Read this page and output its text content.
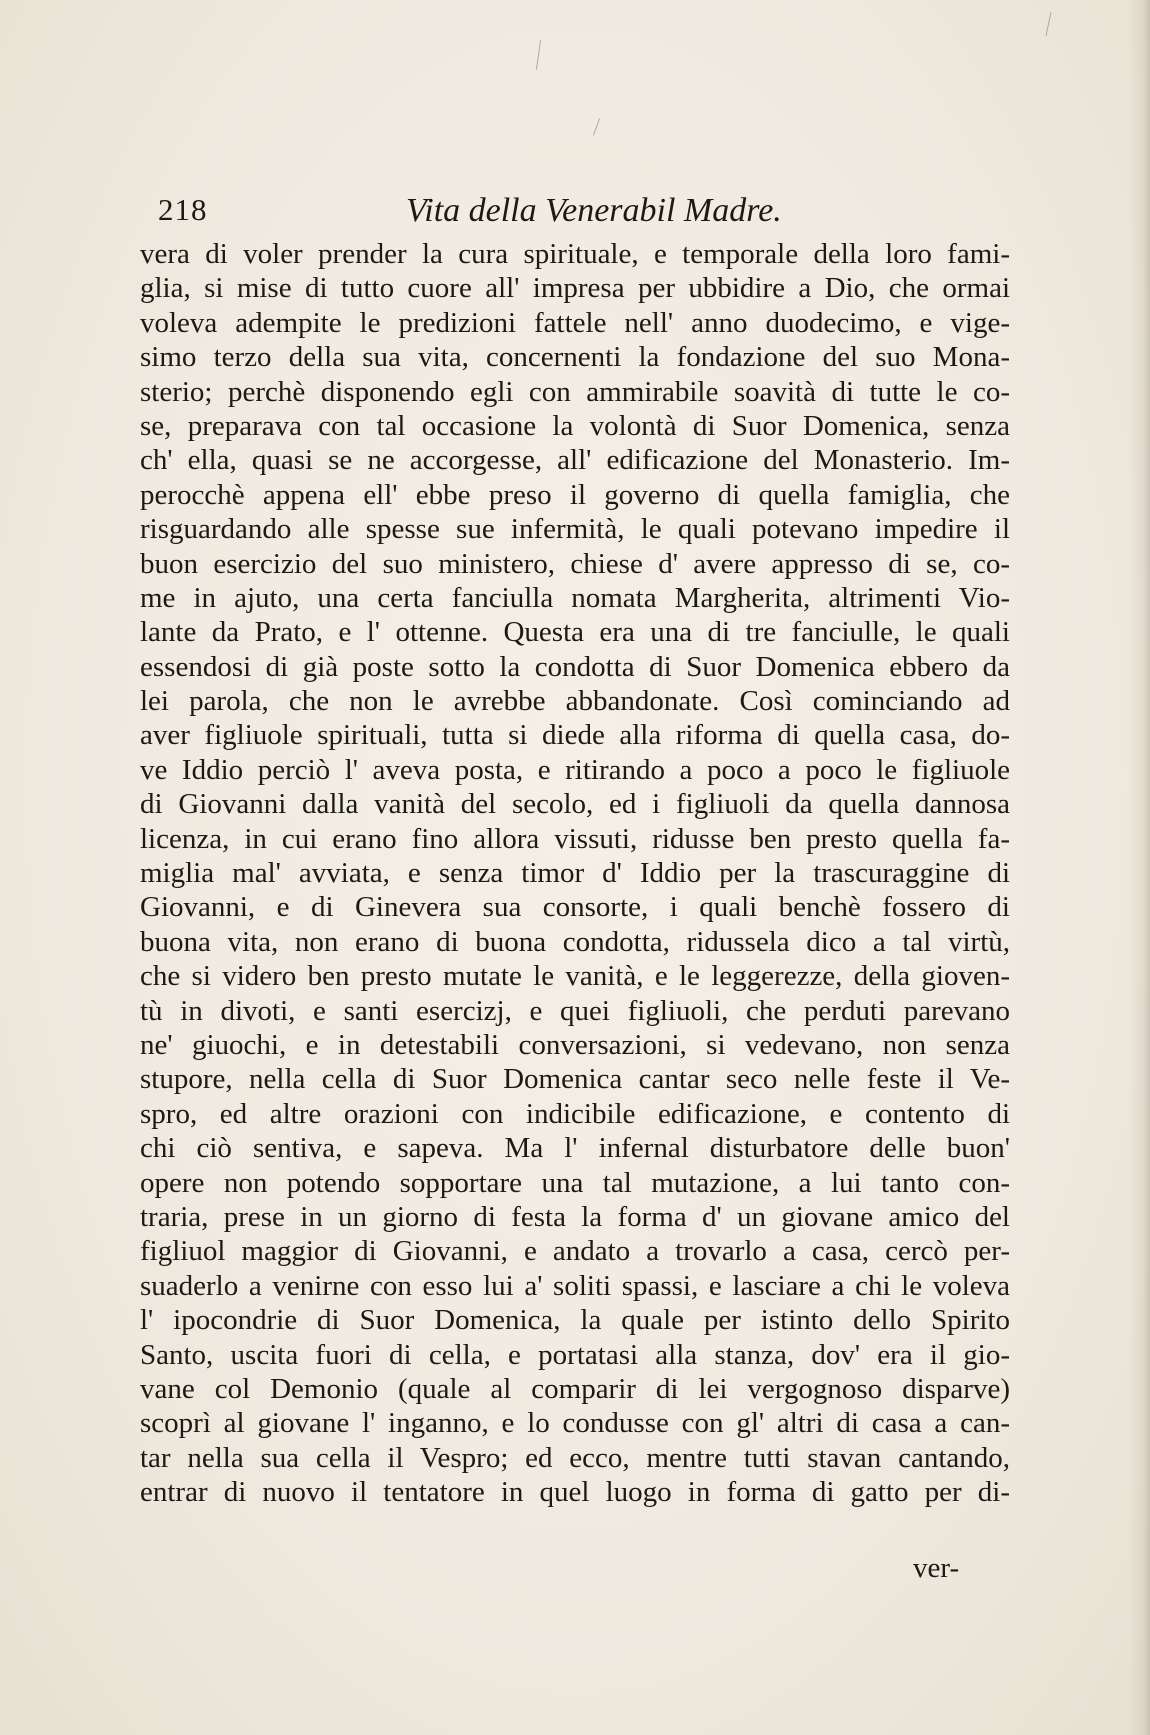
218	Vita della Venerabil Madre.
vera di voler prender la cura spirituale, e temporale della loro fami-
glia, si mise di tutto cuore all' impresa per ubbidire a Dio, che ormai
voleva adempite le predizioni fattele nell' anno duodecimo, e vige-
simo terzo della sua vita, concernenti la fondazione del suo Mona-
sterio; perchè disponendo egli con ammirabile soavità di tutte le co-
se, preparava con tal occasione la volontà di Suor Domenica, senza
ch' ella, quasi se ne accorgesse, all' edificazione del Monasterio. Im-
perocchè appena ell' ebbe preso il governo di quella famiglia, che
risguardando alle spesse sue infermità, le quali potevano impedire il
buon esercizio del suo ministero, chiese d' avere appresso di se, co-
me in ajuto, una certa fanciulla nomata Margherita, altrimenti Vio-
lante da Prato, e l' ottenne. Questa era una di tre fanciulle, le quali
essendosi di già poste sotto la condotta di Suor Domenica ebbero da
lei parola, che non le avrebbe abbandonate. Così cominciando ad
aver figliuole spirituali, tutta si diede alla riforma di quella casa, do-
ve Iddio perciò l' aveva posta, e ritirando a poco a poco le figliuole
di Giovanni dalla vanità del secolo, ed i figliuoli da quella dannosa
licenza, in cui erano fino allora vissuti, ridusse ben presto quella fa-
miglia mal' avviata, e senza timor d' Iddio per la trascuraggine di
Giovanni, e di Ginevera sua consorte, i quali benchè fossero di
buona vita, non erano di buona condotta, ridussela dico a tal virtù,
che si videro ben presto mutate le vanità, e le leggerezze, della gioven-
tù in divoti, e santi esercizj, e quei figliuoli, che perduti parevano
ne' giuochi, e in detestabili conversazioni, si vedevano, non senza
stupore, nella cella di Suor Domenica cantar seco nelle feste il Ve-
spro, ed altre orazioni con indicibile edificazione, e contento di
chi ciò sentiva, e sapeva. Ma l' infernal disturbatore delle buon'
opere non potendo sopportare una tal mutazione, a lui tanto con-
traria, prese in un giorno di festa la forma d' un giovane amico del
figliuol maggior di Giovanni, e andato a trovarlo a casa, cercò per-
suaderlo a venirne con esso lui a' soliti spassi, e lasciare a chi le voleva
l' ipocondrie di Suor Domenica, la quale per istinto dello Spirito
Santo, uscita fuori di cella, e portatasi alla stanza, dov' era il gio-
vane col Demonio (quale al comparir di lei vergognoso disparve)
scoprì al giovane l' inganno, e lo condusse con gl' altri di casa a can-
tar nella sua cella il Vespro; ed ecco, mentre tutti stavan cantando,
entrar di nuovo il tentatore in quel luogo in forma di gatto per di-
ver-
